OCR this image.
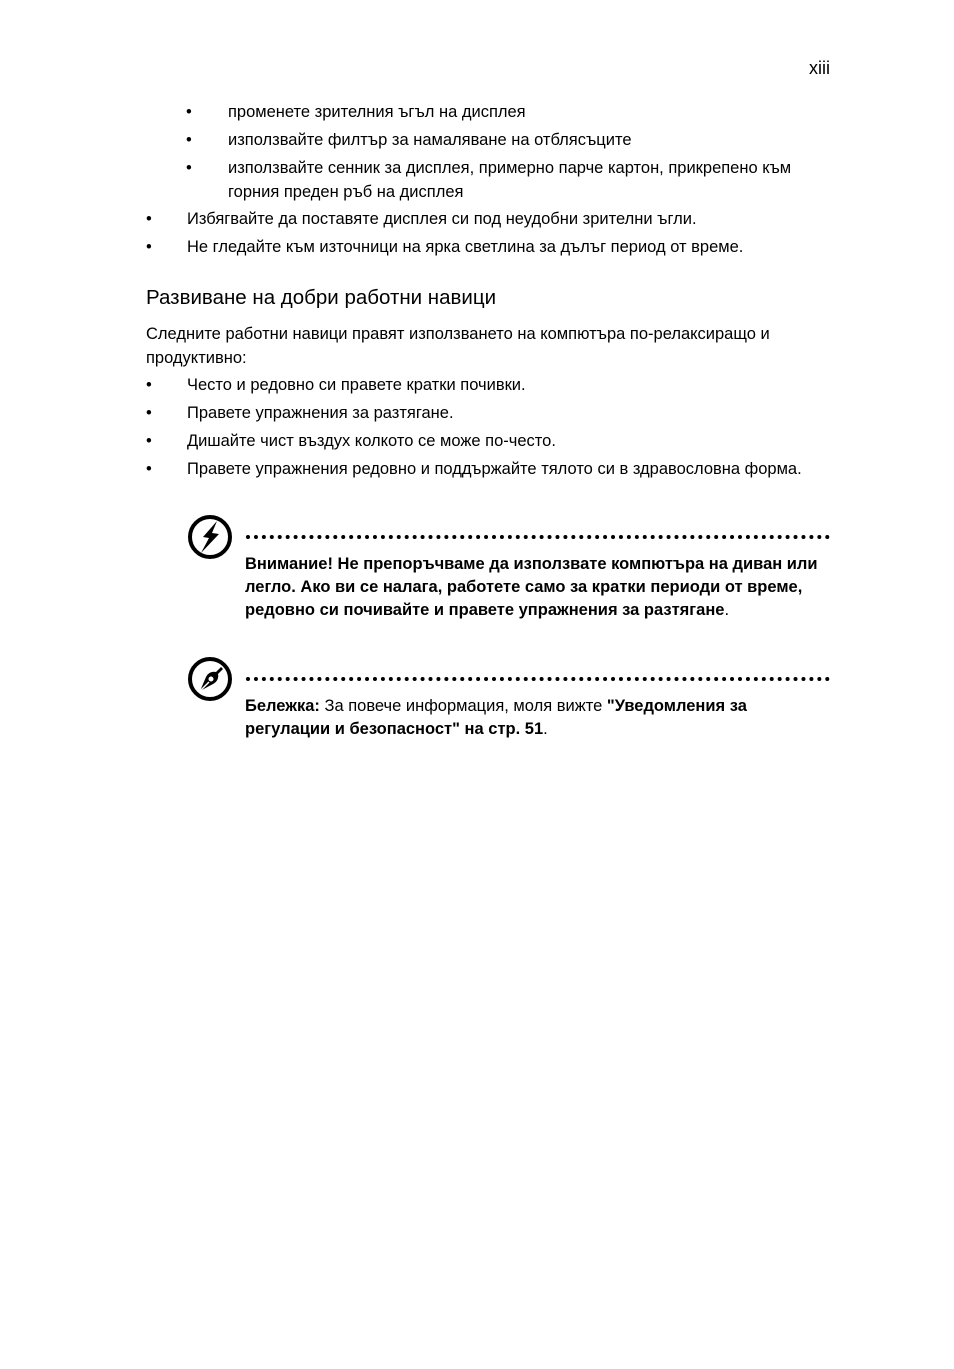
xiii
• променете зрителния ъгъл на дисплея
• използвайте филтър за намаляване на отблясъците
• използвайте сенник за дисплея, примерно парче картон, прикрепено към горния преден ръб на дисплея
• Избягвайте да поставяте дисплея си под неудобни зрителни ъгли.
• Не гледайте към източници на ярка светлина за дълъг период от време.
Развиване на добри работни навици
Следните работни навици правят използването на компютъра по-релаксиращо и продуктивно:
• Често и редовно си правете кратки почивки.
• Правете упражнения за разтягане.
• Дишайте чист въздух колкото се може по-често.
• Правете упражнения редовно и поддържайте тялото си в здравословна форма.
Внимание! Не препоръчваме да използвате компютъра на диван или легло. Ако ви се налага, работете само за кратки периоди от време, редовно си почивайте и правете упражнения за разтягане.
Бележка: За повече информация, моля вижте "Уведомления за регулации и безопасност" на стр. 51.
